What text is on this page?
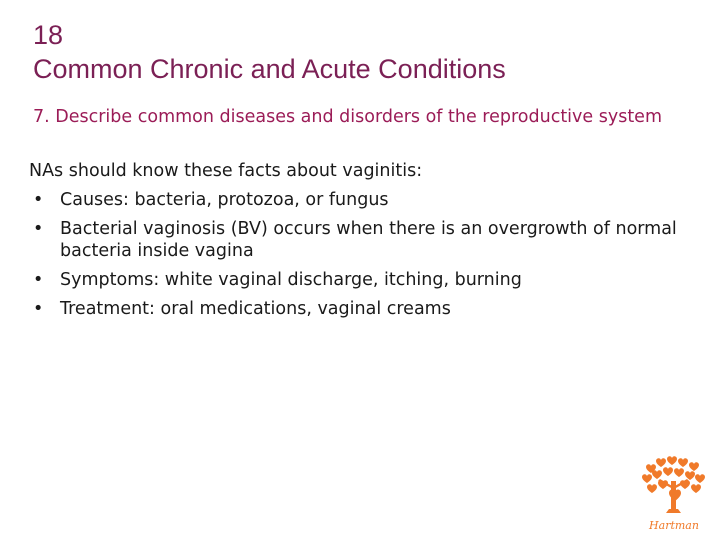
18
Common Chronic and Acute Conditions
7. Describe common diseases and disorders of the reproductive system
NAs should know these facts about vaginitis:
• Causes: bacteria, protozoa, or fungus
• Bacterial vaginosis (BV) occurs when there is an overgrowth of normal bacteria inside vagina
• Symptoms: white vaginal discharge, itching, burning
• Treatment: oral medications, vaginal creams
Hartman
